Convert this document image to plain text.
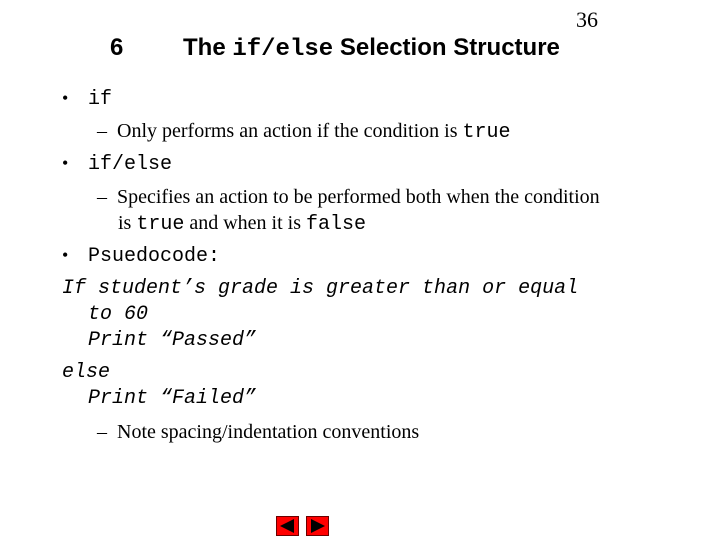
36
6 The if/else Selection Structure
• if
– Only performs an action if the condition is true
• if/else
– Specifies an action to be performed both when the condition
is true and when it is false
• Psuedocode:
If student’s grade is greater than or equal
to 60
Print “Passed”
else
Print “Failed”
– Note spacing/indentation conventions
